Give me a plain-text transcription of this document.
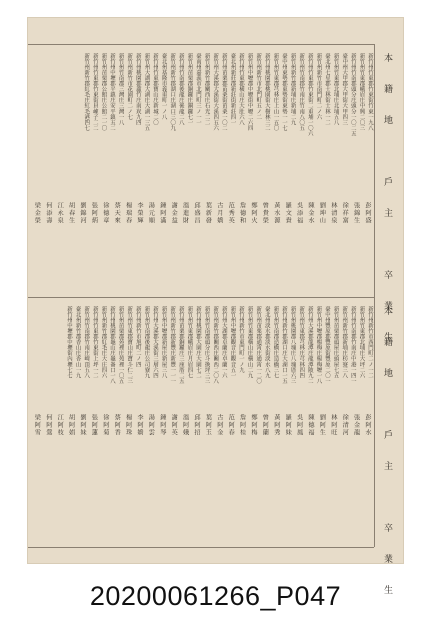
本籍地　戶主　卒業生
新竹州竹東郡竹東街竹東一九八
新竹州竹東郡峨眉庄中興二〇三
新竹州竹南郡頭分庄頭分一〇二五
臺中州大甲郡大甲街大甲四三
新竹州竹東郡北埔庄北埔五八
臺北州七星郡士林街士林一二
新竹州新竹市南門町二ノ六
新竹州竹東郡竹東街二重埔一〇六
新竹州竹南郡竹南庄竹南八〇五
新竹州新竹郡新埔庄新埔二九
臺中州東勢郡東勢街東勢一一七
新竹州竹東郡芎林庄上山一五〇
新竹州桃園郡桃園街大樹林三二
新竹州新竹市北門町五ノ二
新竹州中壢郡中壢街中壢二六四
新竹州竹東郡橫山庄大肚六八
臺北州新莊郡新莊街新莊四一
新竹州苗栗郡苗栗街苗栗一〇二
新竹州大溪郡大溪街大溪四五六
新竹州新竹郡關西庄石光二二
臺南州嘉義市北門町三ノ一一
新竹州苗栗郡銅鑼庄銅鑼七一
新竹州竹南郡後龍庄後龍二八
新竹州新竹郡湖口庄湖口三〇九
臺北州基隆市義重町一ノ八
新竹州竹東郡寶山庄新城二〇
新竹州大湖郡大湖庄大湖一三五
新竹州桃園郡蘆竹庄南崁九四
新竹州新竹市花園町二ノ七
新竹州竹南郡三灣庄三灣一八
新竹州中壢郡平鎮庄安平鎮五二
新竹州苗栗郡公館庄公館二一〇
新竹州竹東郡竹東街員崠子二二
新竹州新竹郡紅毛庄紅毛港四七
彭阿盛
張錦生
徐祥富
林清泉
劉坤山
陳金水
吳添福
羅文貴
黃水源
曾貴榮
鄭阿火
詹德和
范秀英
古月嬌
葉新發
邱盛昌
溫進財
謝金益
鍾阿滿
湯元順
李榮輝
楊瑞春
蔡天來
徐德章
張阿炳
劉錦河
胡春生
江永泉
何添壽
梁金榮
本籍地　戶主　卒業生
新竹州新竹市西門町二ノ一二
新竹州竹東郡北埔庄大坪二六
新竹州竹南郡竹南庄中港一四一
新竹州新竹郡新埔庄枋寮三八
新竹州苗栗郡頭屋庄頭屋七五
臺中州豐原郡豐原街豐原二〇一
新竹州中壢郡楊梅庄楊梅壢一八
新竹州大溪郡龍潭庄龍潭陂九二
新竹州竹東郡芎林庄芎林四四
新竹州桃園郡八塊庄八塊厝六三
新竹州新竹郡湖口庄大湖口一五
新竹州竹南郡造橋庄造橋三七
臺北州淡水郡淡水街淡水八九
新竹州苗栗郡通霄庄通霄一二〇
新竹州竹東郡橫山庄橫山二九
新竹州新竹市東門町一ノ九
新竹州中壢郡觀音庄觀音五一
新竹州大湖郡卓蘭庄卓蘭一六
新竹州新竹郡關西庄關西二〇八
新竹州竹南郡頭分庄斗換坪三三
新竹州桃園郡大園庄大園七二
新竹州竹東郡峨眉庄月眉四七
新竹州苗栗郡銅鑼庄三座厝二五
新竹州新竹郡新豐庄新豐一一一
新竹州中壢郡新屋庄新屋三八
新竹州大溪郡大溪街三層六四
新竹州竹南郡後龍庄公司寮九
新竹州新竹市旭町二ノ四
新竹州竹東郡寶山庄寶斗仁二三
新竹州苗栗郡苑裡庄苑裡一〇五
新竹州桃園郡龜山庄龜崙口一八
新竹州新竹郡紅毛庄大庄四六
新竹州竹東郡竹東街上坪一二
新竹州竹南郡竹南庄崎頂五八
臺北州新竹郡香山庄香山一九
新竹州中壢郡中壢街內壢七七
彭阿水
張金龍
徐清河
林阿旺
劉阿生
陳德福
吳阿鳳
羅阿妹
黃阿秀
曾阿蘭
鄭阿梅
詹阿桂
范阿春
古阿金
葉阿玉
邱阿招
溫阿娥
謝阿英
鍾阿琴
湯阿雲
李阿嬌
楊阿珠
蔡阿香
徐阿菊
張阿蓮
劉阿妹
胡阿娟
江阿枝
何阿鶯
梁阿雪
20200061266_P047
